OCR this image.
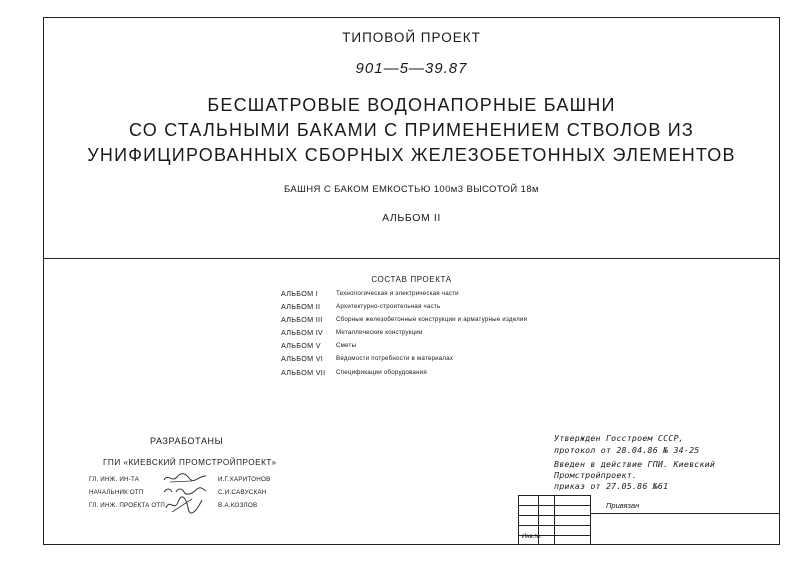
ТИПОВОЙ ПРОЕКТ
901—5—39.87
БЕСШАТРОВЫЕ ВОДОНАПОРНЫЕ БАШНИ
СО СТАЛЬНЫМИ БАКАМИ С ПРИМЕНЕНИЕМ СТВОЛОВ ИЗ
УНИФИЦИРОВАННЫХ СБОРНЫХ ЖЕЛЕЗОБЕТОННЫХ ЭЛЕМЕНТОВ
БАШНЯ С БАКОМ ЕМКОСТЬЮ 100м3 ВЫСОТОЙ 18м
АЛЬБОМ II
СОСТАВ ПРОЕКТА
АЛЬБОМ I	Технологическая и электрическая части
АЛЬБОМ II	Архитектурно-строительная часть
АЛЬБОМ III Сборные железобетонные конструкции и арматурные изделия
АЛЬБОМ IV Металлические конструкции
АЛЬБОМ V Сметы
АЛЬБОМ VI Ведомости потребности в материалах
АЛЬБОМ VII Спецификации оборудования
РАЗРАБОТАНЫ
ГПИ «КИЕВСКИЙ ПРОМСТРОЙПРОЕКТ»
ГЛ. ИНЖ. ИН-ТА	И.Г.ХАРИТОНОВ
НАЧАЛЬНИК ОТП	С.И.САВУСКАН
ГЛ. ИНЖ. ПРОЕКТА ОТП	В.А.КОЗЛОВ
Утвержден Госстроем СССР,
протокол от 28.04.86 № 34-25
Введен в действие ГПИ. Киевский
Промстройпроект.
приказ от 27.05.86 №61
Привязан
Инв.№
